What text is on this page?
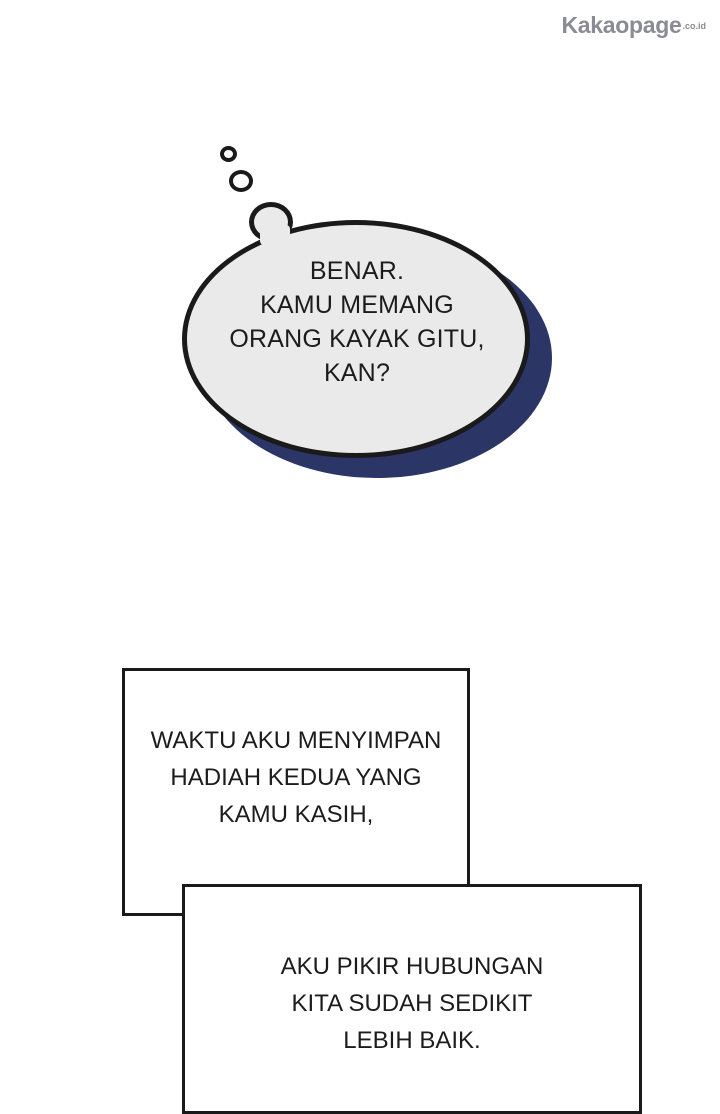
Kakaopage .co.id
BENAR.
KAMU MEMANG
ORANG KAYAK GITU,
KAN?
WAKTU AKU MENYIMPAN
HADIAH KEDUA YANG
KAMU KASIH,
AKU PIKIR HUBUNGAN
KITA SUDAH SEDIKIT
LEBIH BAIK.
